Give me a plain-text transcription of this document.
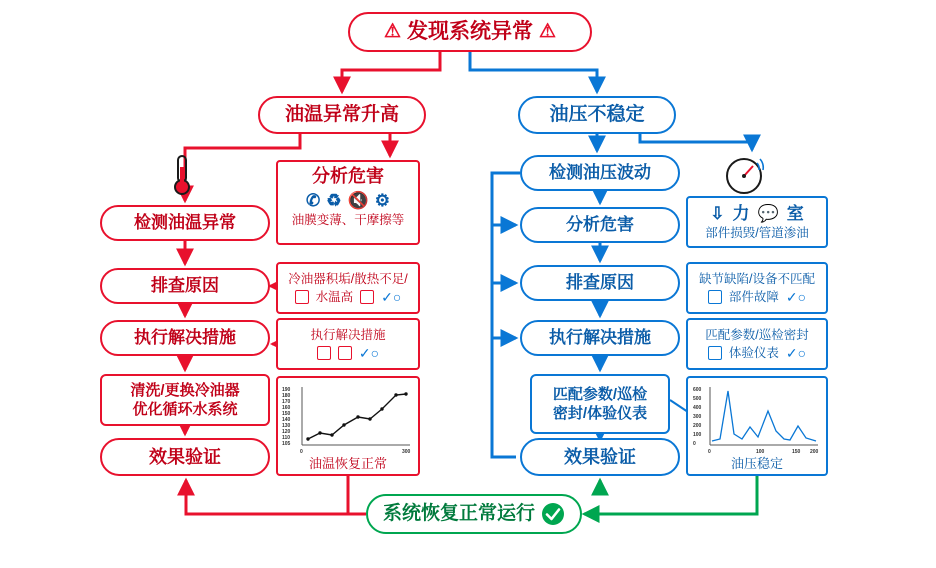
⚠ 发现系统异常 ⚠
油温异常升高	油压不稳定
检测油温异常
排查原因
执行解决措施
清洗/更换冷油器
优化循环水系统
效果验证
分析危害
✆ ♻ 🔇 ⚙
油膜变薄、干摩擦等
冷油器积垢/散热不足/
水温高 ✓○
执行解决措施
✓○
190
180
170
160
150
140
130
120
110
105
0	300
油温恢复正常
检测油压波动
分析危害
排查原因
执行解决措施
匹配参数/巡检
密封/体验仪表
效果验证
⇩ 力 💬 室
部件损毁/管道渗油
缺节缺陷/设备不匹配
部件故障 ✓○
匹配参数/巡检密封
体验仪表 ✓○
600
500
400
300
200
100
0
0	100	150 200
油压稳定
系统恢复正常运行
